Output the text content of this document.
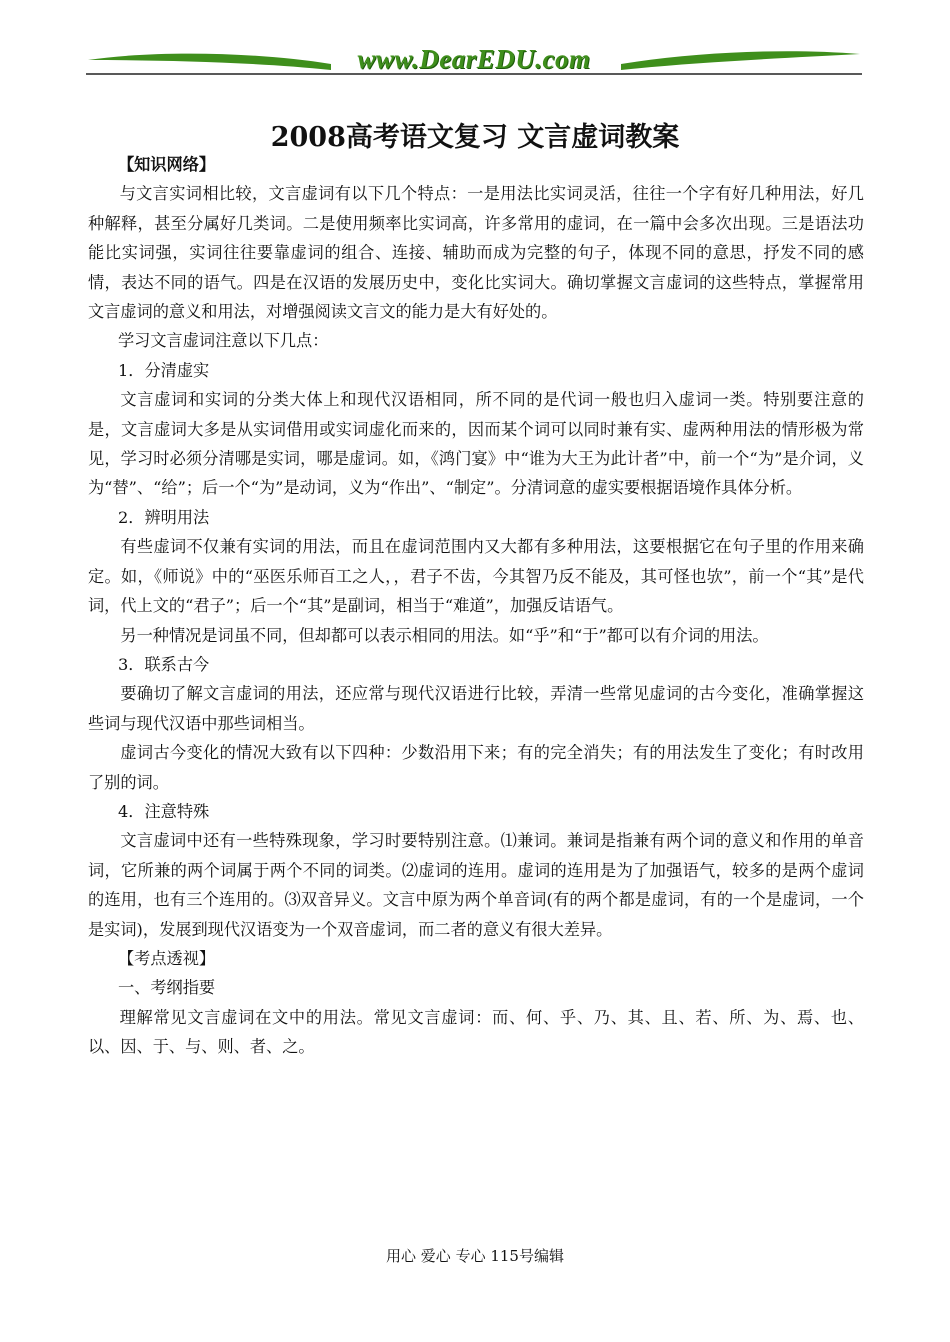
www.DearEDU.com
2008高考语文复习 文言虚词教案

【知识网络】

与文言实词相比较，文言虚词有以下几个特点：一是用法比实词灵活，往往一个字有好几种用法，好几种解释，甚至分属好几类词。二是使用频率比实词高，许多常用的虚词，在一篇中会多次出现。三是语法功能比实词强，实词往往要靠虚词的组合、连接、辅助而成为完整的句子，体现不同的意思，抒发不同的感情，表达不同的语气。四是在汉语的发展历史中，变化比实词大。确切掌握文言虚词的这些特点，掌握常用文言虚词的意义和用法，对增强阅读文言文的能力是大有好处的。

学习文言虚词注意以下几点：

1．分清虚实

文言虚词和实词的分类大体上和现代汉语相同，所不同的是代词一般也归入虚词一类。特别要注意的是，文言虚词大多是从实词借用或实词虚化而来的，因而某个词可以同时兼有实、虚两种用法的情形极为常见，学习时必须分清哪是实词，哪是虚词。如，《鸿门宴》中“谁为大王为此计者”中，前一个“为”是介词，义为“替”、“给”；后一个“为”是动词，义为“作出”、“制定”。分清词意的虚实要根据语境作具体分析。

2．辨明用法

有些虚词不仅兼有实词的用法，而且在虚词范围内又大都有多种用法，这要根据它在句子里的作用来确定。如，《师说》中的“巫医乐师百工之人，，君子不齿，今其智乃反不能及，其可怪也欤”，前一个“其”是代词，代上文的“君子”；后一个“其”是副词，相当于“难道”，加强反诘语气。

另一种情况是词虽不同，但却都可以表示相同的用法。如“乎”和“于”都可以有介词的用法。

3．联系古今

要确切了解文言虚词的用法，还应常与现代汉语进行比较，弄清一些常见虚词的古今变化，准确掌握这些词与现代汉语中那些词相当。

虚词古今变化的情况大致有以下四种：少数沿用下来；有的完全消失；有的用法发生了变化；有时改用了别的词。

4．注意特殊

文言虚词中还有一些特殊现象，学习时要特别注意。⑴兼词。兼词是指兼有两个词的意义和作用的单音词，它所兼的两个词属于两个不同的词类。⑵虚词的连用。虚词的连用是为了加强语气，较多的是两个虚词的连用，也有三个连用的。⑶双音异义。文言中原为两个单音词(有的两个都是虚词，有的一个是虚词，一个是实词)，发展到现代汉语变为一个双音虚词，而二者的意义有很大差异。

【考点透视】

一、考纲指要

理解常见文言虚词在文中的用法。常见文言虚词：而、何、乎、乃、其、且、若、所、为、焉、也、以、因、于、与、则、者、之。

用心 爱心 专心 115号编辑
